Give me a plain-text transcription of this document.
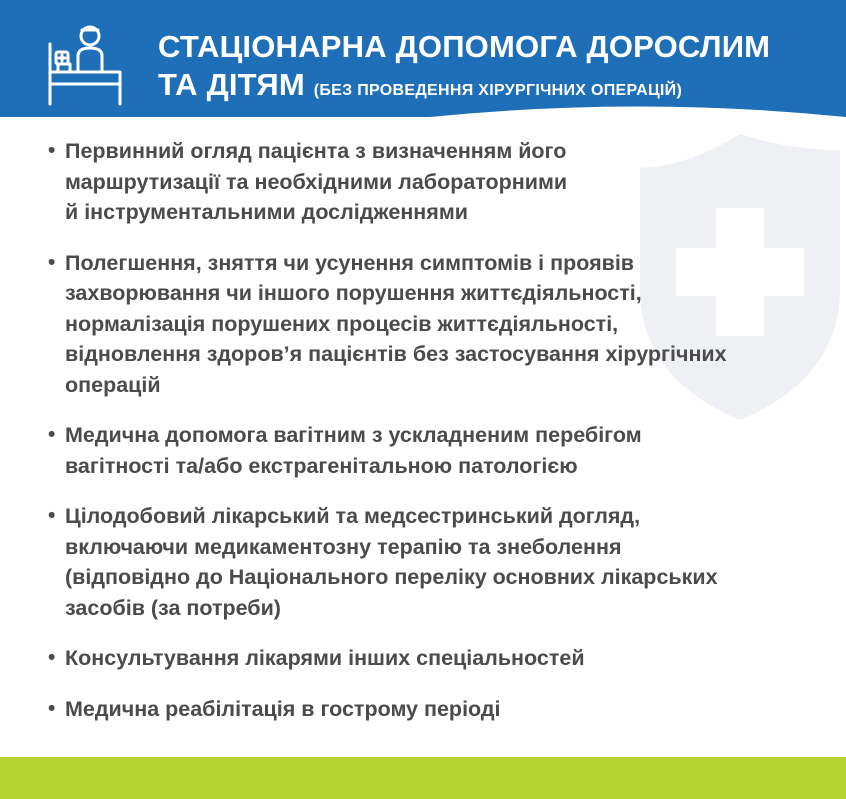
СТАЦІОНАРНА ДОПОМОГА ДОРОСЛИМ
ТА ДІТЯМ (БЕЗ ПРОВЕДЕННЯ ХІРУРГІЧНИХ ОПЕРАЦІЙ)
• Первинний огляд пацієнта з визначенням його
маршрутизації та необхідними лабораторними
й інструментальними дослідженнями
• Полегшення, зняття чи усунення симптомів і проявів
захворювання чи іншого порушення життєдіяльності,
нормалізація порушених процесів життєдіяльності,
відновлення здоров’я пацієнтів без застосування хірургічних
операцій
• Медична допомога вагітним з ускладненим перебігом
вагітності та/або екстрагенітальною патологією
• Цілодобовий лікарський та медсестринський догляд,
включаючи медикаментозну терапію та знеболення
(відповідно до Національного переліку основних лікарських
засобів (за потреби)
• Консультування лікарями інших спеціальностей
• Медична реабілітація в гострому періоді
